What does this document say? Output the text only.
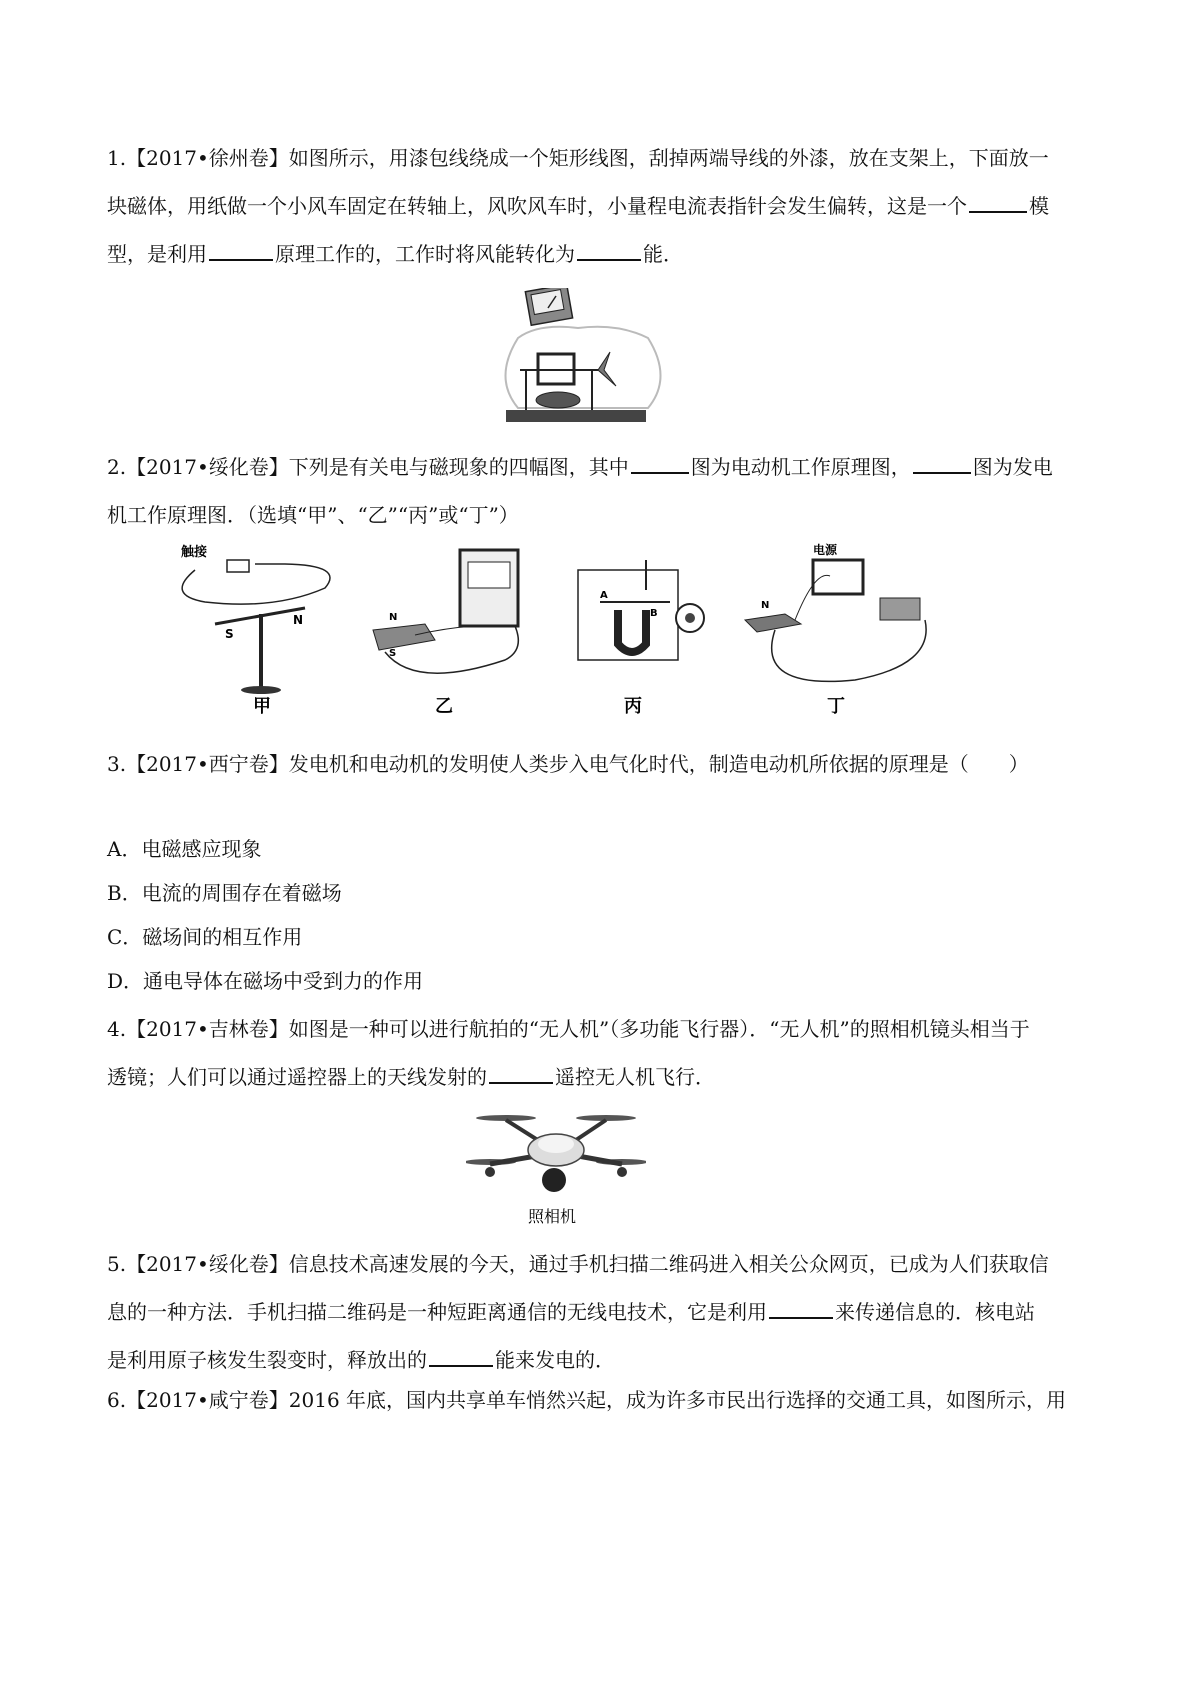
1.【2017•徐州卷】如图所示，用漆包线绕成一个矩形线图，刮掉两端导线的外漆，放在支架上，下面放一
块磁体，用纸做一个小风车固定在转轴上，风吹风车时，小量程电流表指针会发生偏转，这是一个	模
型，是利用	原理工作的，工作时将风能转化为	能．
2.【2017•绥化卷】下列是有关电与磁现象的四幅图，其中	图为电动机工作原理图，	图为发电
机工作原理图．（选填“甲”、“乙”“丙”或“丁”）
触接
S
N
甲
N
S
乙
A
B
丙
电源
N
丁
3.【2017•西宁卷】发电机和电动机的发明使人类步入电气化时代，制造电动机所依据的原理是（　　）
A．电磁感应现象
B．电流的周围存在着磁场
C．磁场间的相互作用
D．通电导体在磁场中受到力的作用
4.【2017•吉林卷】如图是一种可以进行航拍的“无人机”（多功能飞行器）．“无人机”的照相机镜头相当于
透镜；人们可以通过遥控器上的天线发射的	遥控无人机飞行．
照相机
5.【2017•绥化卷】信息技术高速发展的今天，通过手机扫描二维码进入相关公众网页，已成为人们获取信
息的一种方法．手机扫描二维码是一种短距离通信的无线电技术，它是利用	来传递信息的．核电站
是利用原子核发生裂变时，释放出的	能来发电的．
6.【2017•咸宁卷】2016 年底，国内共享单车悄然兴起，成为许多市民出行选择的交通工具，如图所示，用
